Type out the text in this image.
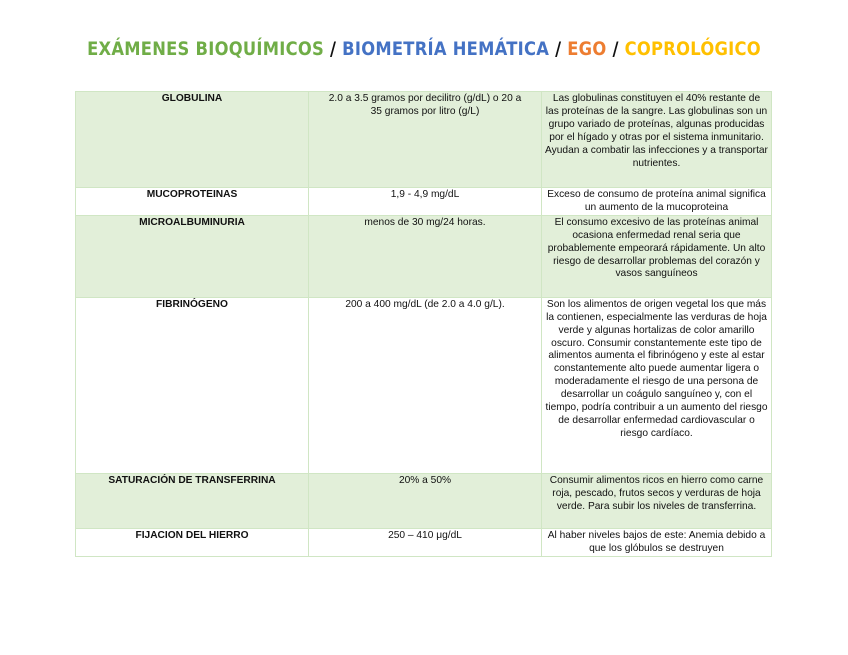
EXÁMENES BIOQUÍMICOS / BIOMETRÍA HEMÁTICA / EGO / COPROLÓGICO
GLOBULINA	2.0 a 3.5 gramos por decilitro (g/dL) o 20 a 35 gramos por litro (g/L)	Las globulinas constituyen el 40% restante de las proteínas de la sangre. Las globulinas son un grupo variado de proteínas, algunas producidas por el hígado y otras por el sistema inmunitario. Ayudan a combatir las infecciones y a transportar nutrientes.
MUCOPROTEINAS	1,9 - 4,9 mg/dL	Exceso de consumo de proteína animal significa un aumento de la mucoproteina
MICROALBUMINURIA	menos de 30 mg/24 horas.	El consumo excesivo de las proteínas animal ocasiona enfermedad renal seria que probablemente empeorará rápidamente. Un alto riesgo de desarrollar problemas del corazón y vasos sanguíneos
FIBRINÓGENO	200 a 400 mg/dL (de 2.0 a 4.0 g/L).	Son los alimentos de origen vegetal los que más la contienen, especialmente las verduras de hoja verde y algunas hortalizas de color amarillo oscuro. Consumir constantemente este tipo de alimentos aumenta el fibrinógeno y este al estar constantemente alto puede aumentar ligera o moderadamente el riesgo de una persona de desarrollar un coágulo sanguíneo y, con el tiempo, podría contribuir a un aumento del riesgo de desarrollar enfermedad cardiovascular o riesgo cardíaco.
SATURACIÓN DE TRANSFERRINA	20% a 50%	Consumir alimentos ricos en hierro como carne roja, pescado, frutos secos y verduras de hoja verde. Para subir los niveles de transferrina.
FIJACION DEL HIERRO	250 – 410 μg/dL	Al haber niveles bajos de este: Anemia debido a que los glóbulos se destruyen
